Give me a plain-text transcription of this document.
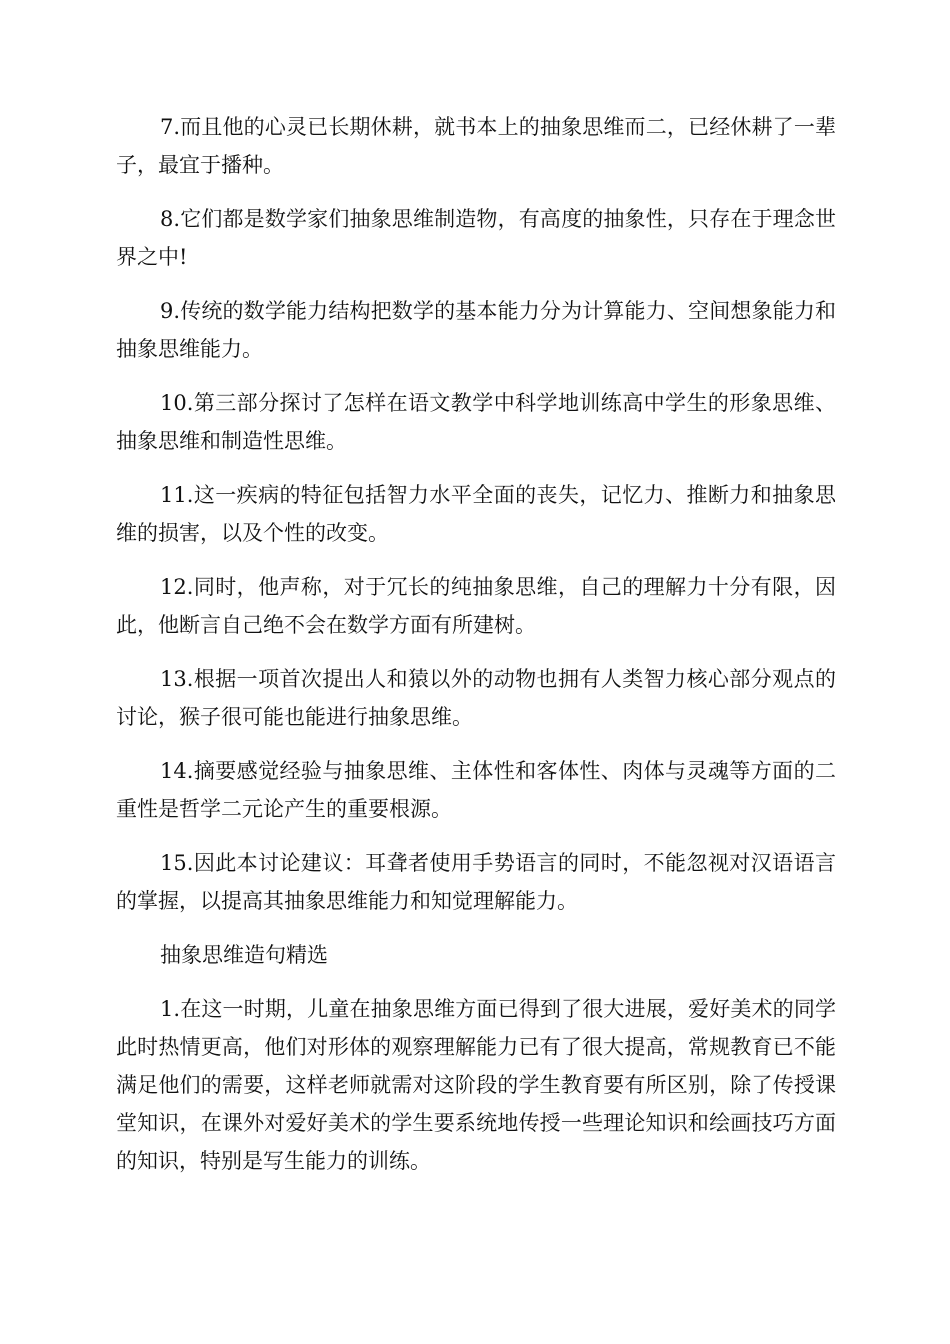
7.而且他的心灵已长期休耕，就书本上的抽象思维而二，已经休耕了一辈子，最宜于播种。

8.它们都是数学家们抽象思维制造物，有高度的抽象性，只存在于理念世界之中!

9.传统的数学能力结构把数学的基本能力分为计算能力、空间想象能力和抽象思维能力。

10.第三部分探讨了怎样在语文教学中科学地训练高中学生的形象思维、抽象思维和制造性思维。

11.这一疾病的特征包括智力水平全面的丧失，记忆力、推断力和抽象思维的损害，以及个性的改变。

12.同时，他声称，对于冗长的纯抽象思维，自己的理解力十分有限，因此，他断言自己绝不会在数学方面有所建树。

13.根据一项首次提出人和猿以外的动物也拥有人类智力核心部分观点的讨论，猴子很可能也能进行抽象思维。

14.摘要感觉经验与抽象思维、主体性和客体性、肉体与灵魂等方面的二重性是哲学二元论产生的重要根源。

15.因此本讨论建议：耳聋者使用手势语言的同时，不能忽视对汉语语言的掌握，以提高其抽象思维能力和知觉理解能力。

抽象思维造句精选

1.在这一时期，儿童在抽象思维方面已得到了很大进展，爱好美术的同学此时热情更高，他们对形体的观察理解能力已有了很大提高，常规教育已不能满足他们的需要，这样老师就需对这阶段的学生教育要有所区别，除了传授课堂知识，在课外对爱好美术的学生要系统地传授一些理论知识和绘画技巧方面的知识，特别是写生能力的训练。
